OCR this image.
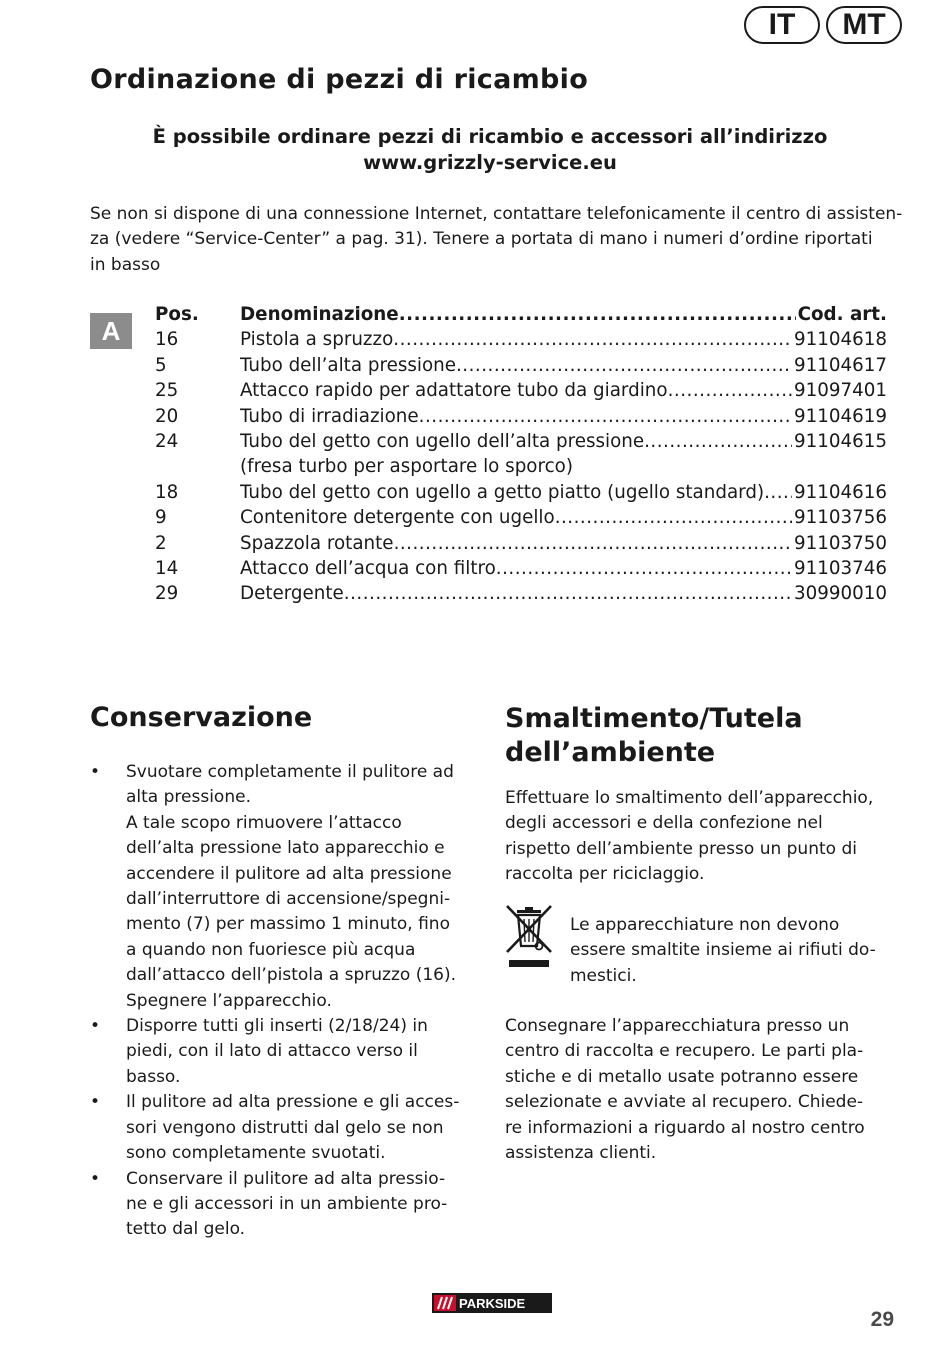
IT	MT
Ordinazione di pezzi di ricambio
È possibile ordinare pezzi di ricambio e accessori all’indirizzo
www.grizzly-service.eu
Se non si dispone di una connessione Internet, contattare telefonicamente il centro di assisten-
za (vedere “Service-Center” a pag. 31). Tenere a portata di mano i numeri d’ordine riportati
in basso
A
Pos.	Denominazione .....	Cod. art.
16	Pistola a spruzzo .....	91104618
5	Tubo dell’alta pressione .....	91104617
25	Attacco rapido per adattatore tubo da giardino .....	91097401
20	Tubo di irradiazione .....	91104619
24	Tubo del getto con ugello dell’alta pressione .....	91104615
(fresa turbo per asportare lo sporco)
18	Tubo del getto con ugello a getto piatto (ugello standard) ..... 91104616
9	Contenitore detergente con ugello .....	91103756
2	Spazzola rotante .....	91103750
14	Attacco dell’acqua con filtro .....	91103746
29	Detergente .....	30990010
Conservazione
• Svuotare completamente il pulitore ad
alta pressione.
A tale scopo rimuovere l’attacco
dell’alta pressione lato apparecchio e
accendere il pulitore ad alta pressione
dall’interruttore di accensione/spegni-
mento (7) per massimo 1 minuto, fino
a quando non fuoriesce più acqua
dall’attacco dell’pistola a spruzzo (16).
Spegnere l’apparecchio.
• Disporre tutti gli inserti (2/18/24) in
piedi, con il lato di attacco verso il
basso.
• Il pulitore ad alta pressione e gli acces-
sori vengono distrutti dal gelo se non
sono completamente svuotati.
• Conservare il pulitore ad alta pressio-
ne e gli accessori in un ambiente pro-
tetto dal gelo.
Smaltimento/Tutela
dell’ambiente
Effettuare lo smaltimento dell’apparecchio,
degli accessori e della confezione nel
rispetto dell’ambiente presso un punto di
raccolta per riciclaggio.
Le apparecchiature non devono
essere smaltite insieme ai rifiuti do-
mestici.
Consegnare l’apparecchiatura presso un
centro di raccolta e recupero. Le parti pla-
stiche e di metallo usate potranno essere
selezionate e avviate al recupero. Chiede-
re informazioni a riguardo al nostro centro
assistenza clienti.
PARKSIDE
29
